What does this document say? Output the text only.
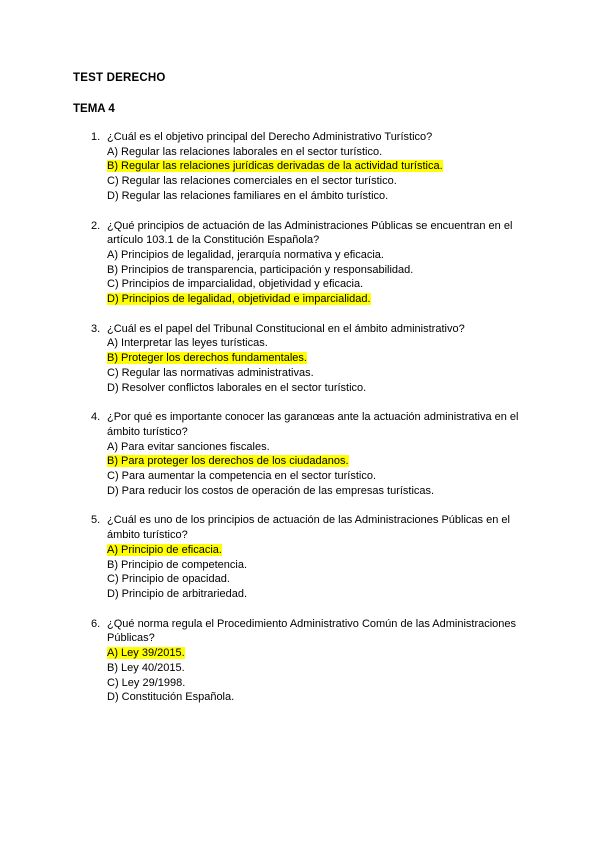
TEST DERECHO
TEMA 4
1. ¿Cuál es el objetivo principal del Derecho Administrativo Turístico?
A) Regular las relaciones laborales en el sector turístico.
B) Regular las relaciones jurídicas derivadas de la actividad turística.
C) Regular las relaciones comerciales en el sector turístico.
D) Regular las relaciones familiares en el ámbito turístico.
2. ¿Qué principios de actuación de las Administraciones Públicas se encuentran en el artículo 103.1 de la Constitución Española?
A) Principios de legalidad, jerarquía normativa y eficacia.
B) Principios de transparencia, participación y responsabilidad.
C) Principios de imparcialidad, objetividad y eficacia.
D) Principios de legalidad, objetividad e imparcialidad.
3. ¿Cuál es el papel del Tribunal Constitucional en el ámbito administrativo?
A) Interpretar las leyes turísticas.
B) Proteger los derechos fundamentales.
C) Regular las normativas administrativas.
D) Resolver conflictos laborales en el sector turístico.
4. ¿Por qué es importante conocer las garanœas ante la actuación administrativa en el ámbito turístico?
A) Para evitar sanciones fiscales.
B) Para proteger los derechos de los ciudadanos.
C) Para aumentar la competencia en el sector turístico.
D) Para reducir los costos de operación de las empresas turísticas.
5. ¿Cuál es uno de los principios de actuación de las Administraciones Públicas en el ámbito turístico?
A) Principio de eficacia.
B) Principio de competencia.
C) Principio de opacidad.
D) Principio de arbitrariedad.
6. ¿Qué norma regula el Procedimiento Administrativo Común de las Administraciones Públicas?
A) Ley 39/2015.
B) Ley 40/2015.
C) Ley 29/1998.
D) Constitución Española.
